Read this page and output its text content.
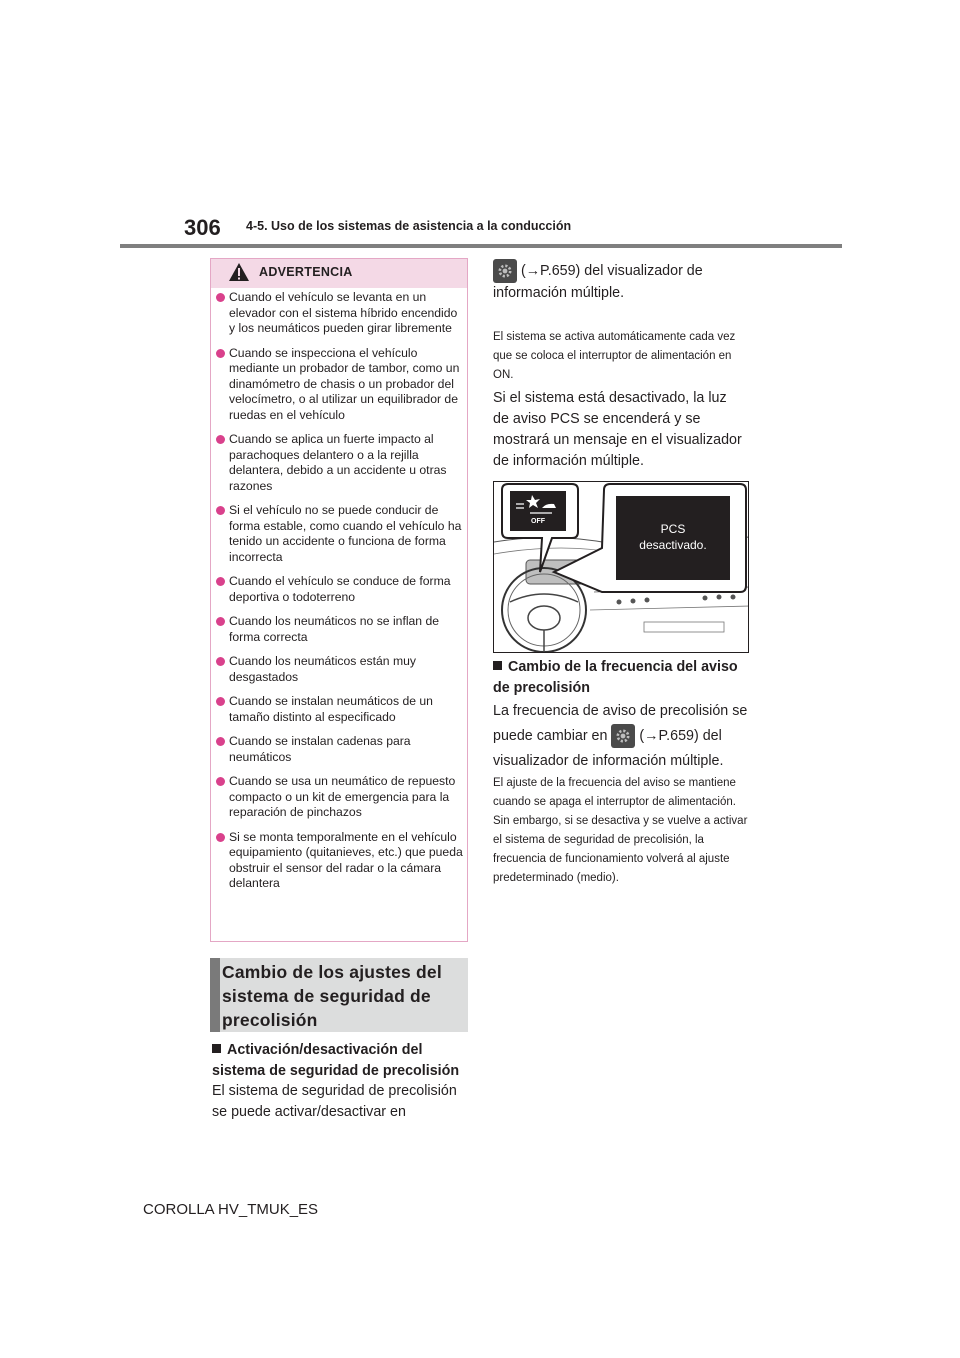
306 4-5. Uso de los sistemas de asistencia a la conducción
ADVERTENCIA
Cuando el vehículo se levanta en un elevador con el sistema híbrido encendido y los neumáticos pueden girar libremente
Cuando se inspecciona el vehículo mediante un probador de tambor, como un dinamómetro de chasis o un probador del velocímetro, o al utilizar un equilibrador de ruedas en el vehículo
Cuando se aplica un fuerte impacto al parachoques delantero o a la rejilla delantera, debido a un accidente u otras razones
Si el vehículo no se puede conducir de forma estable, como cuando el vehículo ha tenido un accidente o funciona de forma incorrecta
Cuando el vehículo se conduce de forma deportiva o todoterreno
Cuando los neumáticos no se inflan de forma correcta
Cuando los neumáticos están muy desgastados
Cuando se instalan neumáticos de un tamaño distinto al especificado
Cuando se instalan cadenas para neumáticos
Cuando se usa un neumático de repuesto compacto o un kit de emergencia para la reparación de pinchazos
Si se monta temporalmente en el vehículo equipamiento (quitanieves, etc.) que pueda obstruir el sensor del radar o la cámara delantera
Cambio de los ajustes del sistema de seguridad de precolisión
Activación/desactivación del sistema de seguridad de precolisión
El sistema de seguridad de precolisión se puede activar/desactivar en
(→P.659) del visualizador de información múltiple.
El sistema se activa automáticamente cada vez que se coloca el interruptor de alimentación en ON.
Si el sistema está desactivado, la luz de aviso PCS se encenderá y se mostrará un mensaje en el visualizador de información múltiple.
OFF
PCS
desactivado.
Cambio de la frecuencia del aviso de precolisión
La frecuencia de aviso de precolisión se puede cambiar en (→P.659) del visualizador de información múltiple.
El ajuste de la frecuencia del aviso se mantiene cuando se apaga el interruptor de alimentación. Sin embargo, si se desactiva y se vuelve a activar el sistema de seguridad de precolisión, la frecuencia de funcionamiento volverá al ajuste predeterminado (medio).
COROLLA HV_TMUK_ES
